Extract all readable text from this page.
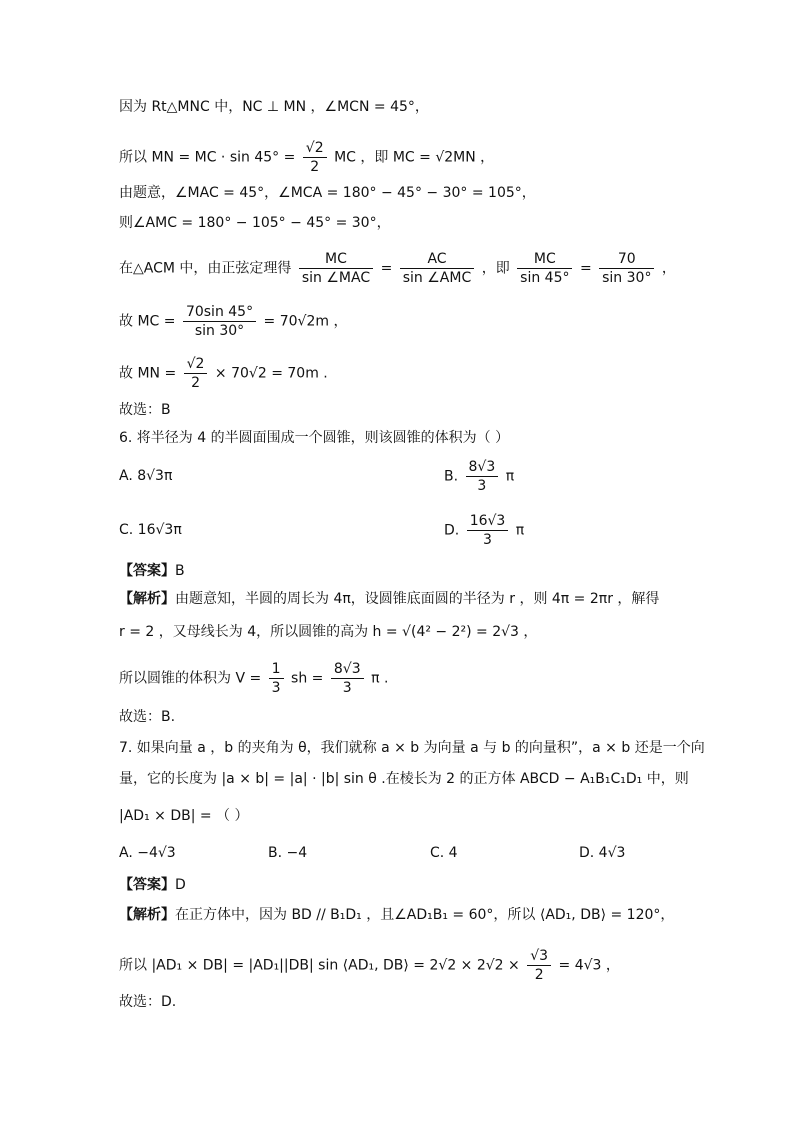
因为 Rt△MNC 中，NC ⊥ MN ，∠MCN = 45°，
所以 MN = MC · $\sin 45^\circ = \frac{√2}{2}$ MC ，即 MC = √2MN ，
由题意，∠MAC = 45°，∠MCA = 180° − 45° − 30° = 105°，
则∠AMC = 180° − 105° − 45° = 30°，
在△ACM 中，由正弦定理得 $\frac{MC}{\text{sin ∠MAC}} = \frac{AC}{\text{sin ∠AMC}}$ ，即 $\frac{MC}{\sin 45^\circ} = \frac{70}{\sin 30^\circ}$ ，
故 MC = $\frac{70\sin 45^\circ}{\sin 30^\circ} = 70√2m$ ，
故 MN = $\frac{√2}{2} \times 70√2 = 70m$ .
故选：B
6. 将半径为 4 的半圆面围成一个圆锥，则该圆锥的体积为（ ）
A. 8√3π	B. $\frac{8√3}{3}$ π
C. 16√3π	D. $\frac{16√3}{3}$ π
【答案】B
【解析】由题意知，半圆的周长为 4π，设圆锥底面圆的半径为 r ，则 4π = 2πr ，解得
r = 2 ，又母线长为 4，所以圆锥的高为 h = √(4² − 2²) = 2√3 ，
所以圆锥的体积为 $V = \frac{1}{3}$ sh = $\frac{8√3}{3}$ π .
故选：B.
7. 如果向量 a ，b 的夹角为 θ，我们就称 a × b 为向量 a 与 b 的向量积”，a × b 还是一个向
量，它的长度为 |a × b| = |a| · |b| sin θ .在棱长为 2 的正方体 ABCD − A₁B₁C₁D₁ 中，则
|AD₁ × DB| = （ ）
A. −4√3	B. −4	C. 4	D. 4√3
【答案】D
【解析】在正方体中，因为 BD // B₁D₁ ，且∠AD₁B₁ = 60°，所以 ⟨AD₁, DB⟩ = 120°，
所以 |AD₁ × DB| = |AD₁||DB| sin ⟨AD₁, DB⟩ = $2√2 \times 2√2 \times \frac{√3}{2} = 4√3$ ，
故选：D.
